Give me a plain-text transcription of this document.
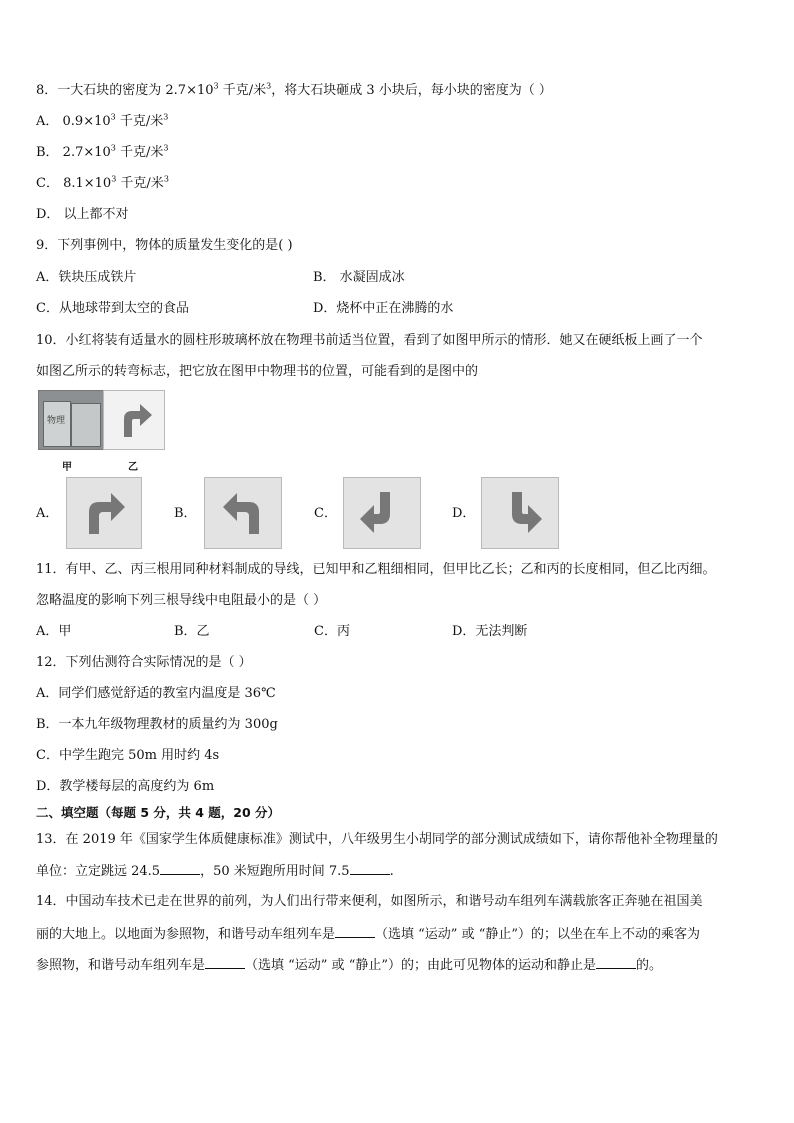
8．一大石块的密度为 $2.7\times 10^3$ 千克/米$^3$，将大石块砸成 3 小块后，每小块的密度为（ ）
A． $0.9\times 10^3$ 千克/米$^3$
B． $2.7\times 10^3$ 千克/米$^3$
C． $8.1\times 10^3$ 千克/米$^3$
D． 以上都不对
9．下列事例中，物体的质量发生变化的是( )
A．铁块压成铁片	B． 水凝固成冰
C．从地球带到太空的食品	D．烧杯中正在沸腾的水
10．小红将装有适量水的圆柱形玻璃杯放在物理书前适当位置，看到了如图甲所示的情形．她又在硬纸板上画了一个
如图乙所示的转弯标志，把它放在图甲中物理书的位置，可能看到的是图中的
物理
甲	乙
A．	B．	C．	D．
11．有甲、乙、丙三根用同种材料制成的导线，已知甲和乙粗细相同，但甲比乙长；乙和丙的长度相同，但乙比丙细。
忽略温度的影响下列三根导线中电阻最小的是（ ）
A．甲	B．乙	C．丙	D．无法判断
12．下列估测符合实际情况的是（ ）
A．同学们感觉舒适的教室内温度是 36℃
B．一本九年级物理教材的质量约为 300g
C．中学生跑完 50m 用时约 4s
D．教学楼每层的高度约为 6m
二、填空题（每题 5 分，共 4 题，20 分）
13．在 2019 年《国家学生体质健康标准》测试中，八年级男生小胡同学的部分测试成绩如下，请你帮他补全物理量的
单位：立定跳远 24.5	，50 米短跑所用时间 7.5	.
14．中国动车技术已走在世界的前列，为人们出行带来便利，如图所示，和谐号动车组列车满载旅客正奔驰在祖国美
丽的大地上。以地面为参照物，和谐号动车组列车是	（选填 “运动” 或 “静止”）的；以坐在车上不动的乘客为
参照物，和谐号动车组列车是	（选填 “运动” 或 “静止”）的；由此可见物体的运动和静止是	的。
